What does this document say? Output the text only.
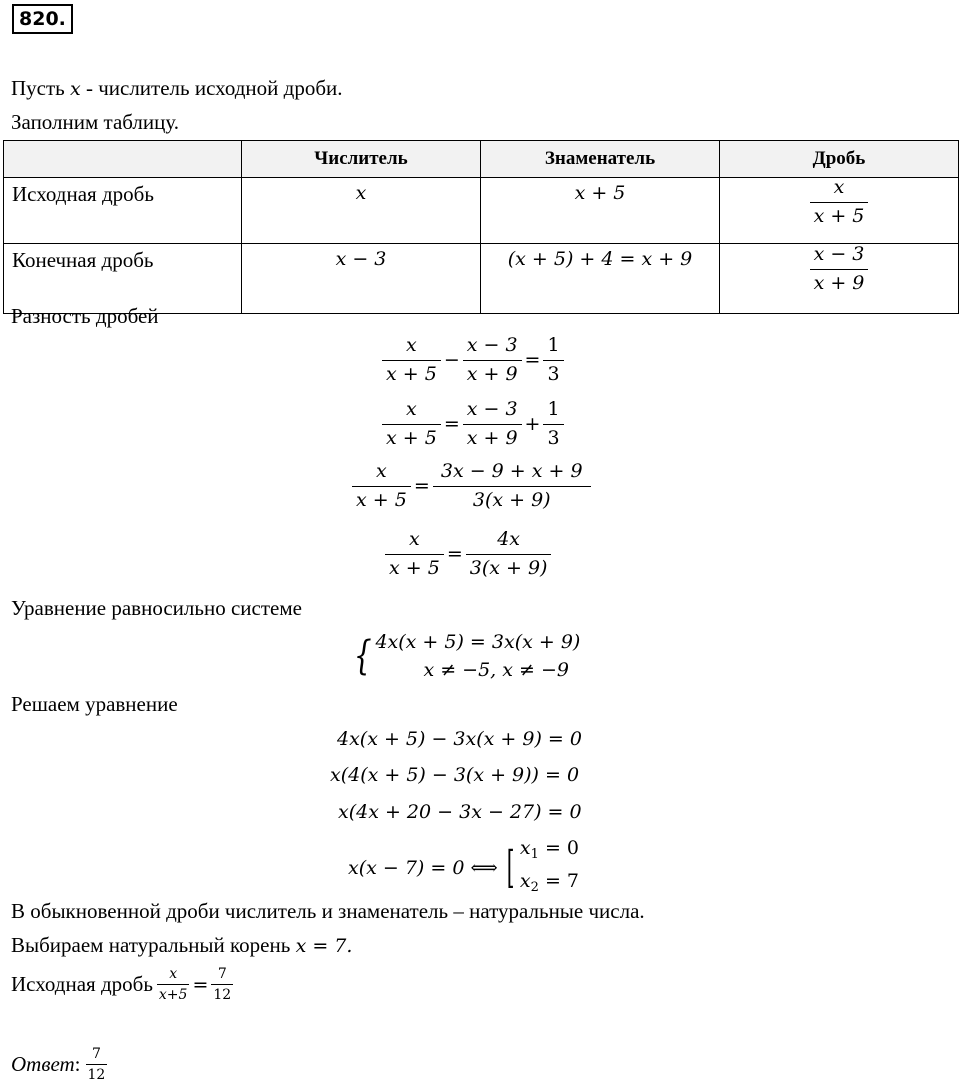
820.
Пусть x - числитель исходной дроби.
Заполним таблицу.
	Числитель	Знаменатель	Дробь
Исходная дробь	x	x + 5	$\frac{x}{x + 5}$

Конечная дробь	x − 3	(x + 5) + 4 = x + 9	$\frac{x - 3}{x + 9}$
Разность дробей
$\frac{x}{x + 5} - \frac{x - 3}{x + 9} = \frac{1}{3}$
$\frac{x}{x + 5} = \frac{x - 3}{x + 9} + \frac{1}{3}$
$\frac{x}{x + 5} = \frac{3x - 9 + x + 9}{3(x + 9)}$
$\frac{x}{x + 5} = \frac{4x}{3(x + 9)}$
Уравнение равносильно системе
{ 4x(x + 5) = 3x(x + 9)
x ≠ −5, x ≠ −9
Решаем уравнение
4x(x + 5) − 3x(x + 9) = 0
x(4(x + 5) − 3(x + 9)) = 0
x(4x + 20 − 3x − 27) = 0
x(x − 7) = 0 ⟺ [ $x_1 = 0$
$x_2 = 7$
В обыкновенной дроби числитель и знаменатель – натуральные числа.
Выбираем натуральный корень x = 7.
Исходная дробь $\frac{x}{x+5} = \frac{7}{12}$
Ответ : $\frac{7}{12}$
